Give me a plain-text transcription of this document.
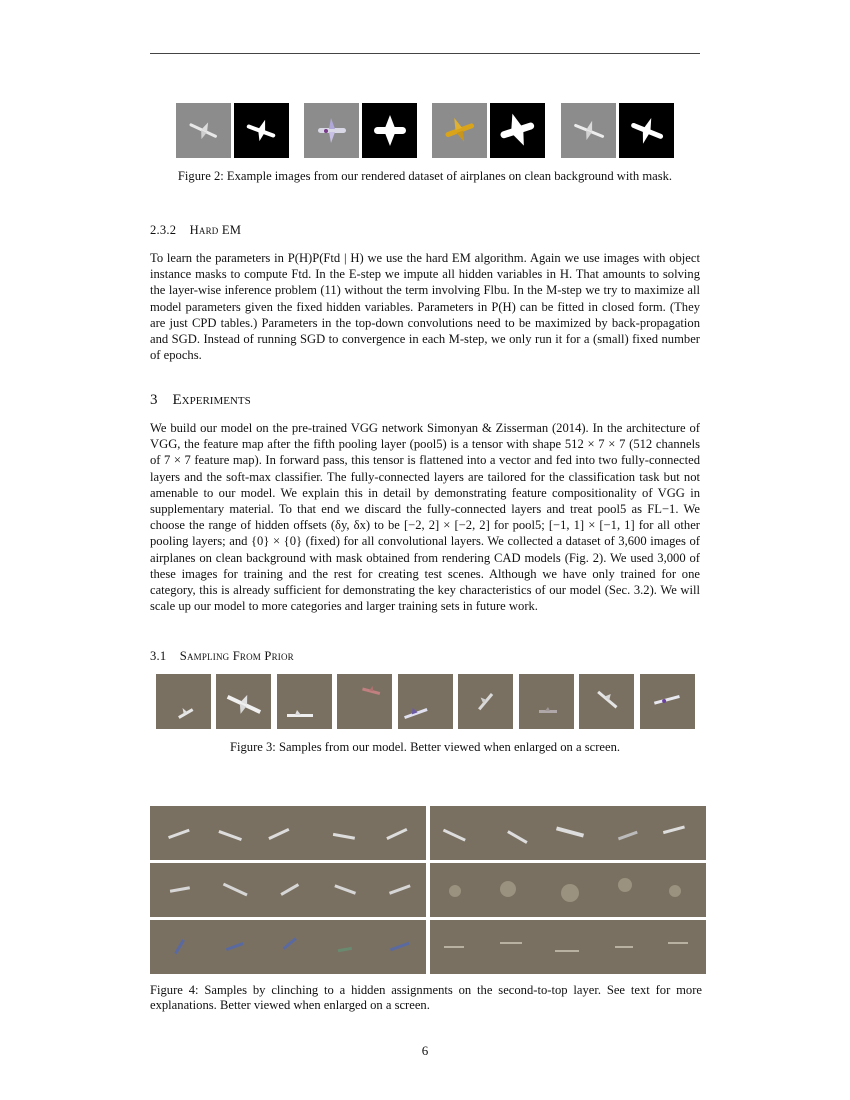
Figure 2: Example images from our rendered dataset of airplanes on clean background with mask.
2.3.2 Hard EM
To learn the parameters in P(H)P(Ftd | H) we use the hard EM algorithm. Again we use images with object instance masks to compute Ftd. In the E-step we impute all hidden variables in H. That amounts to solving the layer-wise inference problem (11) without the term involving Flbu. In the M-step we try to maximize all model parameters given the fixed hidden variables. Parameters in P(H) can be fitted in closed form. (They are just CPD tables.) Parameters in the top-down convolutions need to be maximized by back-propagation and SGD. Instead of running SGD to convergence in each M-step, we only run it for a (small) fixed number of epochs.
3 Experiments
We build our model on the pre-trained VGG network Simonyan & Zisserman (2014). In the architecture of VGG, the feature map after the fifth pooling layer (pool5) is a tensor with shape 512 × 7 × 7 (512 channels of 7 × 7 feature map). In forward pass, this tensor is flattened into a vector and fed into two fully-connected layers and the soft-max classifier. The fully-connected layers are tailored for the classification task but not amenable to our model. We explain this in detail by demonstrating feature compositionality of VGG in supplementary material. To that end we discard the fully-connected layers and treat pool5 as FL−1. We choose the range of hidden offsets (δy, δx) to be [−2, 2] × [−2, 2] for pool5; [−1, 1] × [−1, 1] for all other pooling layers; and {0} × {0} (fixed) for all convolutional layers. We collected a dataset of 3,600 images of airplanes on clean background with mask obtained from rendering CAD models (Fig. 2). We used 3,000 of these images for training and the rest for creating test scenes. Although we have only trained for one category, this is already sufficient for demonstrating the key characteristics of our model (Sec. 3.2). We will scale up our model to more categories and larger training sets in future work.
3.1 Sampling From Prior
Figure 3: Samples from our model. Better viewed when enlarged on a screen.
Figure 4: Samples by clinching to a hidden assignments on the second-to-top layer. See text for more explanations. Better viewed when enlarged on a screen.
6
